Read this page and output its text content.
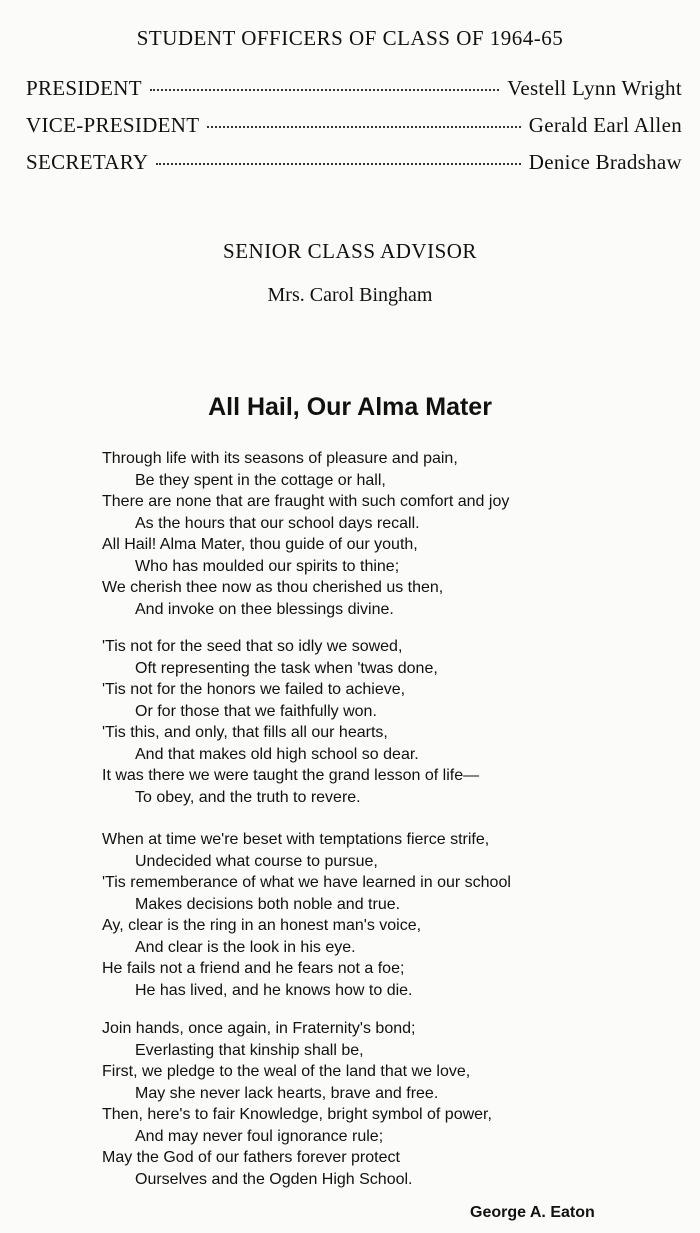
STUDENT OFFICERS OF CLASS OF 1964-65
PRESIDENT	Vestell Lynn Wright
VICE-PRESIDENT	Gerald Earl Allen
SECRETARY	Denice Bradshaw
SENIOR CLASS ADVISOR
Mrs. Carol Bingham
All Hail, Our Alma Mater
Through life with its seasons of pleasure and pain,
Be they spent in the cottage or hall,
There are none that are fraught with such comfort and joy
As the hours that our school days recall.
All Hail! Alma Mater, thou guide of our youth,
Who has moulded our spirits to thine;
We cherish thee now as thou cherished us then,
And invoke on thee blessings divine.
'Tis not for the seed that so idly we sowed,
Oft representing the task when 'twas done,
'Tis not for the honors we failed to achieve,
Or for those that we faithfully won.
'Tis this, and only, that fills all our hearts,
And that makes old high school so dear.
It was there we were taught the grand lesson of life—
To obey, and the truth to revere.
When at time we're beset with temptations fierce strife,
Undecided what course to pursue,
'Tis rememberance of what we have learned in our school
Makes decisions both noble and true.
Ay, clear is the ring in an honest man's voice,
And clear is the look in his eye.
He fails not a friend and he fears not a foe;
He has lived, and he knows how to die.
Join hands, once again, in Fraternity's bond;
Everlasting that kinship shall be,
First, we pledge to the weal of the land that we love,
May she never lack hearts, brave and free.
Then, here's to fair Knowledge, bright symbol of power,
And may never foul ignorance rule;
May the God of our fathers forever protect
Ourselves and the Ogden High School.
George A. Eaton
